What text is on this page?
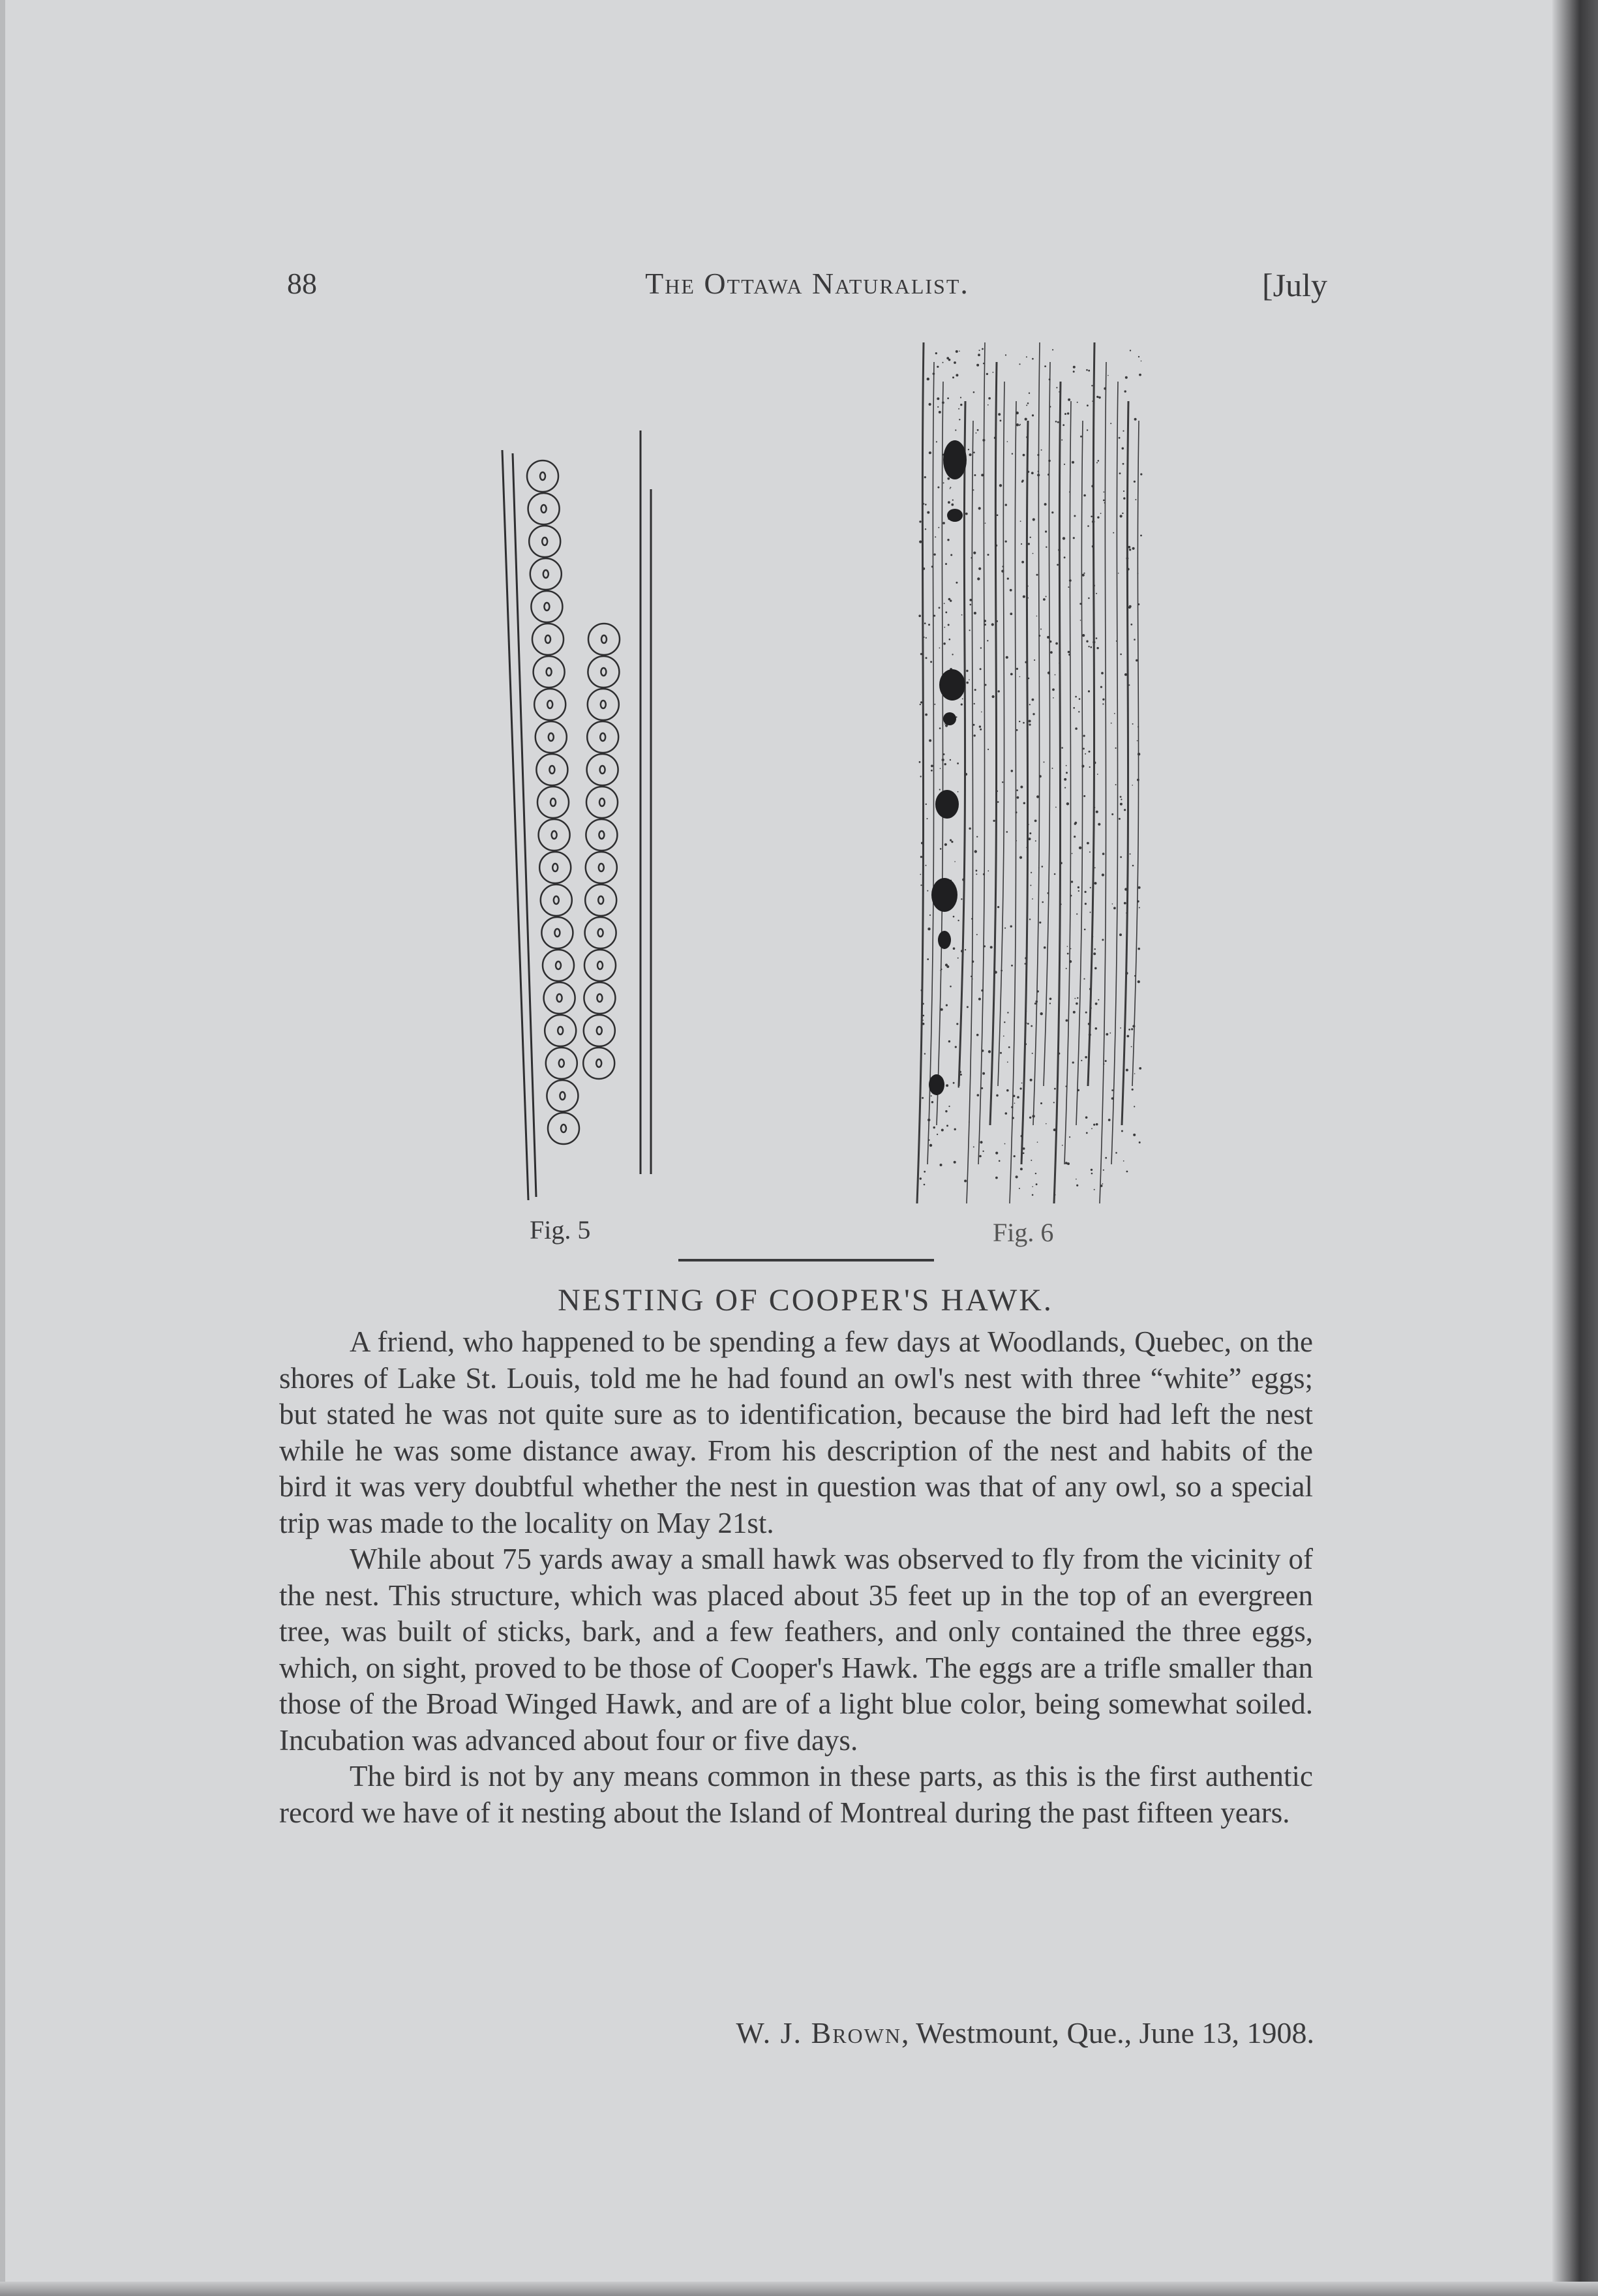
88	The Ottawa Naturalist.	[July
Fig. 5	Fig. 6
NESTING OF COOPER'S HAWK.

A friend, who happened to be spending a few days at Woodlands, Quebec, on the shores of Lake St. Louis, told me he had found an owl's nest with three “white” eggs; but stated he was not quite sure as to identification, because the bird had left the nest while he was some distance away. From his description of the nest and habits of the bird it was very doubtful whether the nest in question was that of any owl, so a special trip was made to the locality on May 21st.

While about 75 yards away a small hawk was observed to fly from the vicinity of the nest. This structure, which was placed about 35 feet up in the top of an evergreen tree, was built of sticks, bark, and a few feathers, and only contained the three eggs, which, on sight, proved to be those of Cooper's Hawk. The eggs are a trifle smaller than those of the Broad Winged Hawk, and are of a light blue color, being somewhat soiled. Incubation was advanced about four or five days.

The bird is not by any means common in these parts, as this is the first authentic record we have of it nesting about the Island of Montreal during the past fifteen years.

W. J. Brown, Westmount, Que., June 13, 1908.
